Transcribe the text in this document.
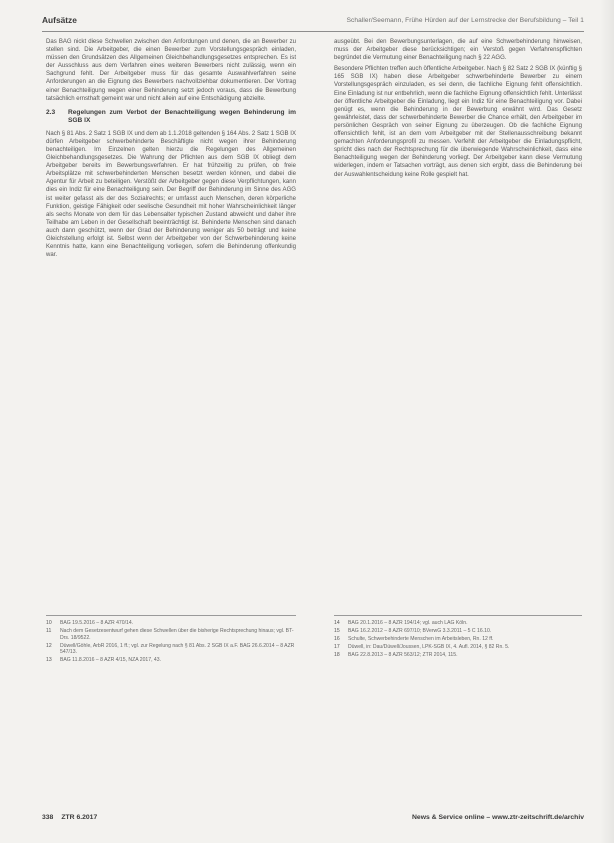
Aufsätze	Schaller/Seemann, Frühe Hürden auf der Lernstrecke der Berufsbildung – Teil 1

Das BAG nickt diese Schwellen zwischen den Anfordungen und denen, die an Bewerber zu stellen sind. Die Arbeitgeber, die einen Bewerber zum Vorstellungsgespräch einladen, müssen den Grundsätzen des Allgemeinen Gleichbehandlungsgesetzes entsprechen. Es ist der Ausschluss aus dem Verfahren eines weiteren Bewerbers nicht zulässig, wenn ein Sachgrund fehlt. Der Arbeitgeber muss für das gesamte Auswahlverfahren seine Anforderungen an die Eignung des Bewerbers nachvollziehbar dokumentieren. Der Vortrag einer Benachteiligung wegen einer Behinderung setzt jedoch voraus, dass die Bewerbung tatsächlich ernsthaft gemeint war und nicht allein auf eine Entschädigung abzielte.

2.3	Regelungen zum Verbot der Benachteiligung wegen Behinderung im SGB IX

Nach § 81 Abs. 2 Satz 1 SGB IX und dem ab 1.1.2018 geltenden § 164 Abs. 2 Satz 1 SGB IX dürfen Arbeitgeber schwerbehinderte Beschäftigte nicht wegen ihrer Behinderung benachteiligen. Im Einzelnen gelten hierzu die Regelungen des Allgemeinen Gleichbehandlungsgesetzes. Die Wahrung der Pflichten aus dem SGB IX obliegt dem Arbeitgeber bereits im Bewerbungsverfahren. Er hat frühzeitig zu prüfen, ob freie Arbeitsplätze mit schwerbehinderten Menschen besetzt werden können, und dabei die Agentur für Arbeit zu beteiligen. Verstößt der Arbeitgeber gegen diese Verpflichtungen, kann dies ein Indiz für eine Benachteiligung sein. Der Begriff der Behinderung im Sinne des AGG ist weiter gefasst als der des Sozialrechts; er umfasst auch Menschen, deren körperliche Funktion, geistige Fähigkeit oder seelische Gesundheit mit hoher Wahrscheinlichkeit länger als sechs Monate von dem für das Lebensalter typischen Zustand abweicht und daher ihre Teilhabe am Leben in der Gesellschaft beeinträchtigt ist. Behinderte Menschen sind danach auch dann geschützt, wenn der Grad der Behinderung weniger als 50 beträgt und keine Gleichstellung erfolgt ist. Selbst wenn der Arbeitgeber von der Schwerbehinderung keine Kenntnis hatte, kann eine Benachteiligung vorliegen, sofern die Behinderung offenkundig war.

ausgeübt. Bei den Bewerbungsunterlagen, die auf eine Schwerbehinderung hinweisen, muss der Arbeitgeber diese berücksichtigen; ein Verstoß gegen Verfahrenspflichten begründet die Vermutung einer Benachteiligung nach § 22 AGG.

Besondere Pflichten treffen auch öffentliche Arbeitgeber. Nach § 82 Satz 2 SGB IX (künftig § 165 SGB IX) haben diese Arbeitgeber schwerbehinderte Bewerber zu einem Vorstellungsgespräch einzuladen, es sei denn, die fachliche Eignung fehlt offensichtlich. Eine Einladung ist nur entbehrlich, wenn die fachliche Eignung offensichtlich fehlt. Unterlässt der öffentliche Arbeitgeber die Einladung, liegt ein Indiz für eine Benachteiligung vor. Dabei genügt es, wenn die Behinderung in der Bewerbung erwähnt wird. Das Gesetz gewährleistet, dass der schwerbehinderte Bewerber die Chance erhält, den Arbeitgeber im persönlichen Gespräch von seiner Eignung zu überzeugen. Ob die fachliche Eignung offensichtlich fehlt, ist an dem vom Arbeitgeber mit der Stellenausschreibung bekannt gemachten Anforderungsprofil zu messen. Verfehlt der Arbeitgeber die Einladungspflicht, spricht dies nach der Rechtsprechung für die überwiegende Wahrscheinlichkeit, dass eine Benachteiligung wegen der Behinderung vorliegt. Der Arbeitgeber kann diese Vermutung widerlegen, indem er Tatsachen vorträgt, aus denen sich ergibt, dass die Behinderung bei der Auswahlentscheidung keine Rolle gespielt hat.

10	BAG 19.5.2016 – 8 AZR 470/14.
11	Nach dem Gesetzesentwurf gehen diese Schwellen über die bisherige Rechtsprechung hinaus; vgl. BT-Drs. 18/9522.
12	Düwell/Göhle, ArbR 2016, 1 ff.; vgl. zur Regelung nach § 81 Abs. 2 SGB IX a.F. BAG 26.6.2014 – 8 AZR 547/13.
13	BAG 11.8.2016 – 8 AZR 4/15, NZA 2017, 43.
14	BAG 20.1.2016 – 8 AZR 194/14; vgl. auch LAG Köln.
15	BAG 16.2.2012 – 8 AZR 697/10; BVerwG 3.3.2011 – 5 C 16.10.
16	Schulte, Schwerbehinderte Menschen im Arbeitsleben, Rn. 12 ff.
17	Düwell, in: Dau/Düwell/Joussen, LPK-SGB IX, 4. Aufl. 2014, § 82 Rn. 5.
18	BAG 22.8.2013 – 8 AZR 563/12; ZTR 2014, 115.
338 ZTR 6.2017	News & Service online – www.ztr-zeitschrift.de/archiv
